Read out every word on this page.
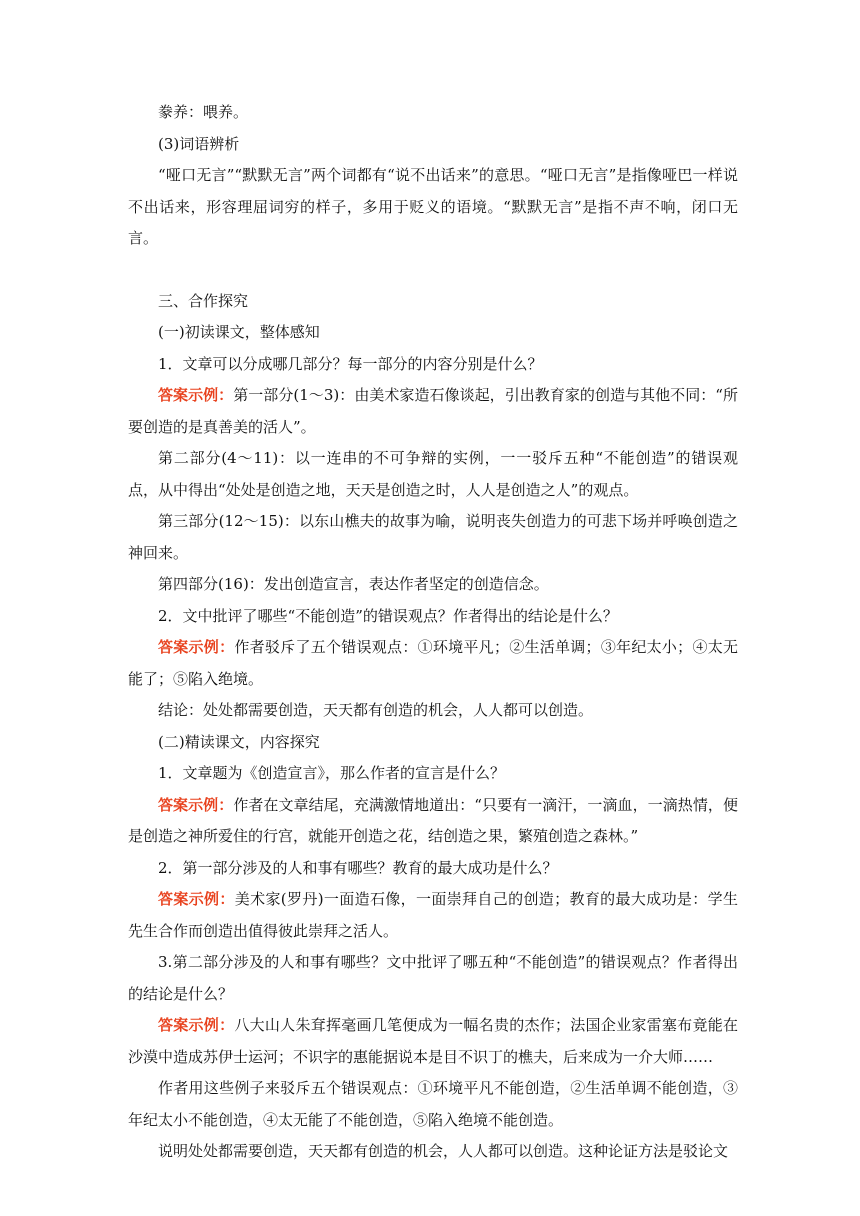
豢养：喂养。

(3)词语辨析

“哑口无言”“默默无言”两个词都有“说不出话来”的意思。“哑口无言”是指像哑巴一样说不出话来，形容理屈词穷的样子，多用于贬义的语境。“默默无言”是指不声不响，闭口无言。

三、合作探究

(一)初读课文，整体感知

1．文章可以分成哪几部分？每一部分的内容分别是什么？

答案示例：第一部分(1～3)：由美术家造石像谈起，引出教育家的创造与其他不同：“所要创造的是真善美的活人”。

第二部分(4～11)：以一连串的不可争辩的实例，一一驳斥五种“不能创造”的错误观点，从中得出“处处是创造之地，天天是创造之时，人人是创造之人”的观点。

第三部分(12～15)：以东山樵夫的故事为喻，说明丧失创造力的可悲下场并呼唤创造之神回来。

第四部分(16)：发出创造宣言，表达作者坚定的创造信念。

2．文中批评了哪些“不能创造”的错误观点？作者得出的结论是什么？

答案示例：作者驳斥了五个错误观点：①环境平凡；②生活单调；③年纪太小；④太无能了；⑤陷入绝境。

结论：处处都需要创造，天天都有创造的机会，人人都可以创造。

(二)精读课文，内容探究

1．文章题为《创造宣言》，那么作者的宣言是什么？

答案示例：作者在文章结尾，充满激情地道出：“只要有一滴汗，一滴血，一滴热情，便是创造之神所爱住的行宫，就能开创造之花，结创造之果，繁殖创造之森林。”

2．第一部分涉及的人和事有哪些？教育的最大成功是什么？

答案示例：美术家(罗丹)一面造石像，一面崇拜自己的创造；教育的最大成功是：学生先生合作而创造出值得彼此崇拜之活人。

3.第二部分涉及的人和事有哪些？文中批评了哪五种“不能创造”的错误观点？作者得出的结论是什么？

答案示例：八大山人朱耷挥毫画几笔便成为一幅名贵的杰作；法国企业家雷塞布竟能在沙漠中造成苏伊士运河；不识字的惠能据说本是目不识丁的樵夫，后来成为一介大师……

作者用这些例子来驳斥五个错误观点：①环境平凡不能创造，②生活单调不能创造，③年纪太小不能创造，④太无能了不能创造，⑤陷入绝境不能创造。

说明处处都需要创造，天天都有创造的机会，人人都可以创造。这种论证方法是驳论文
